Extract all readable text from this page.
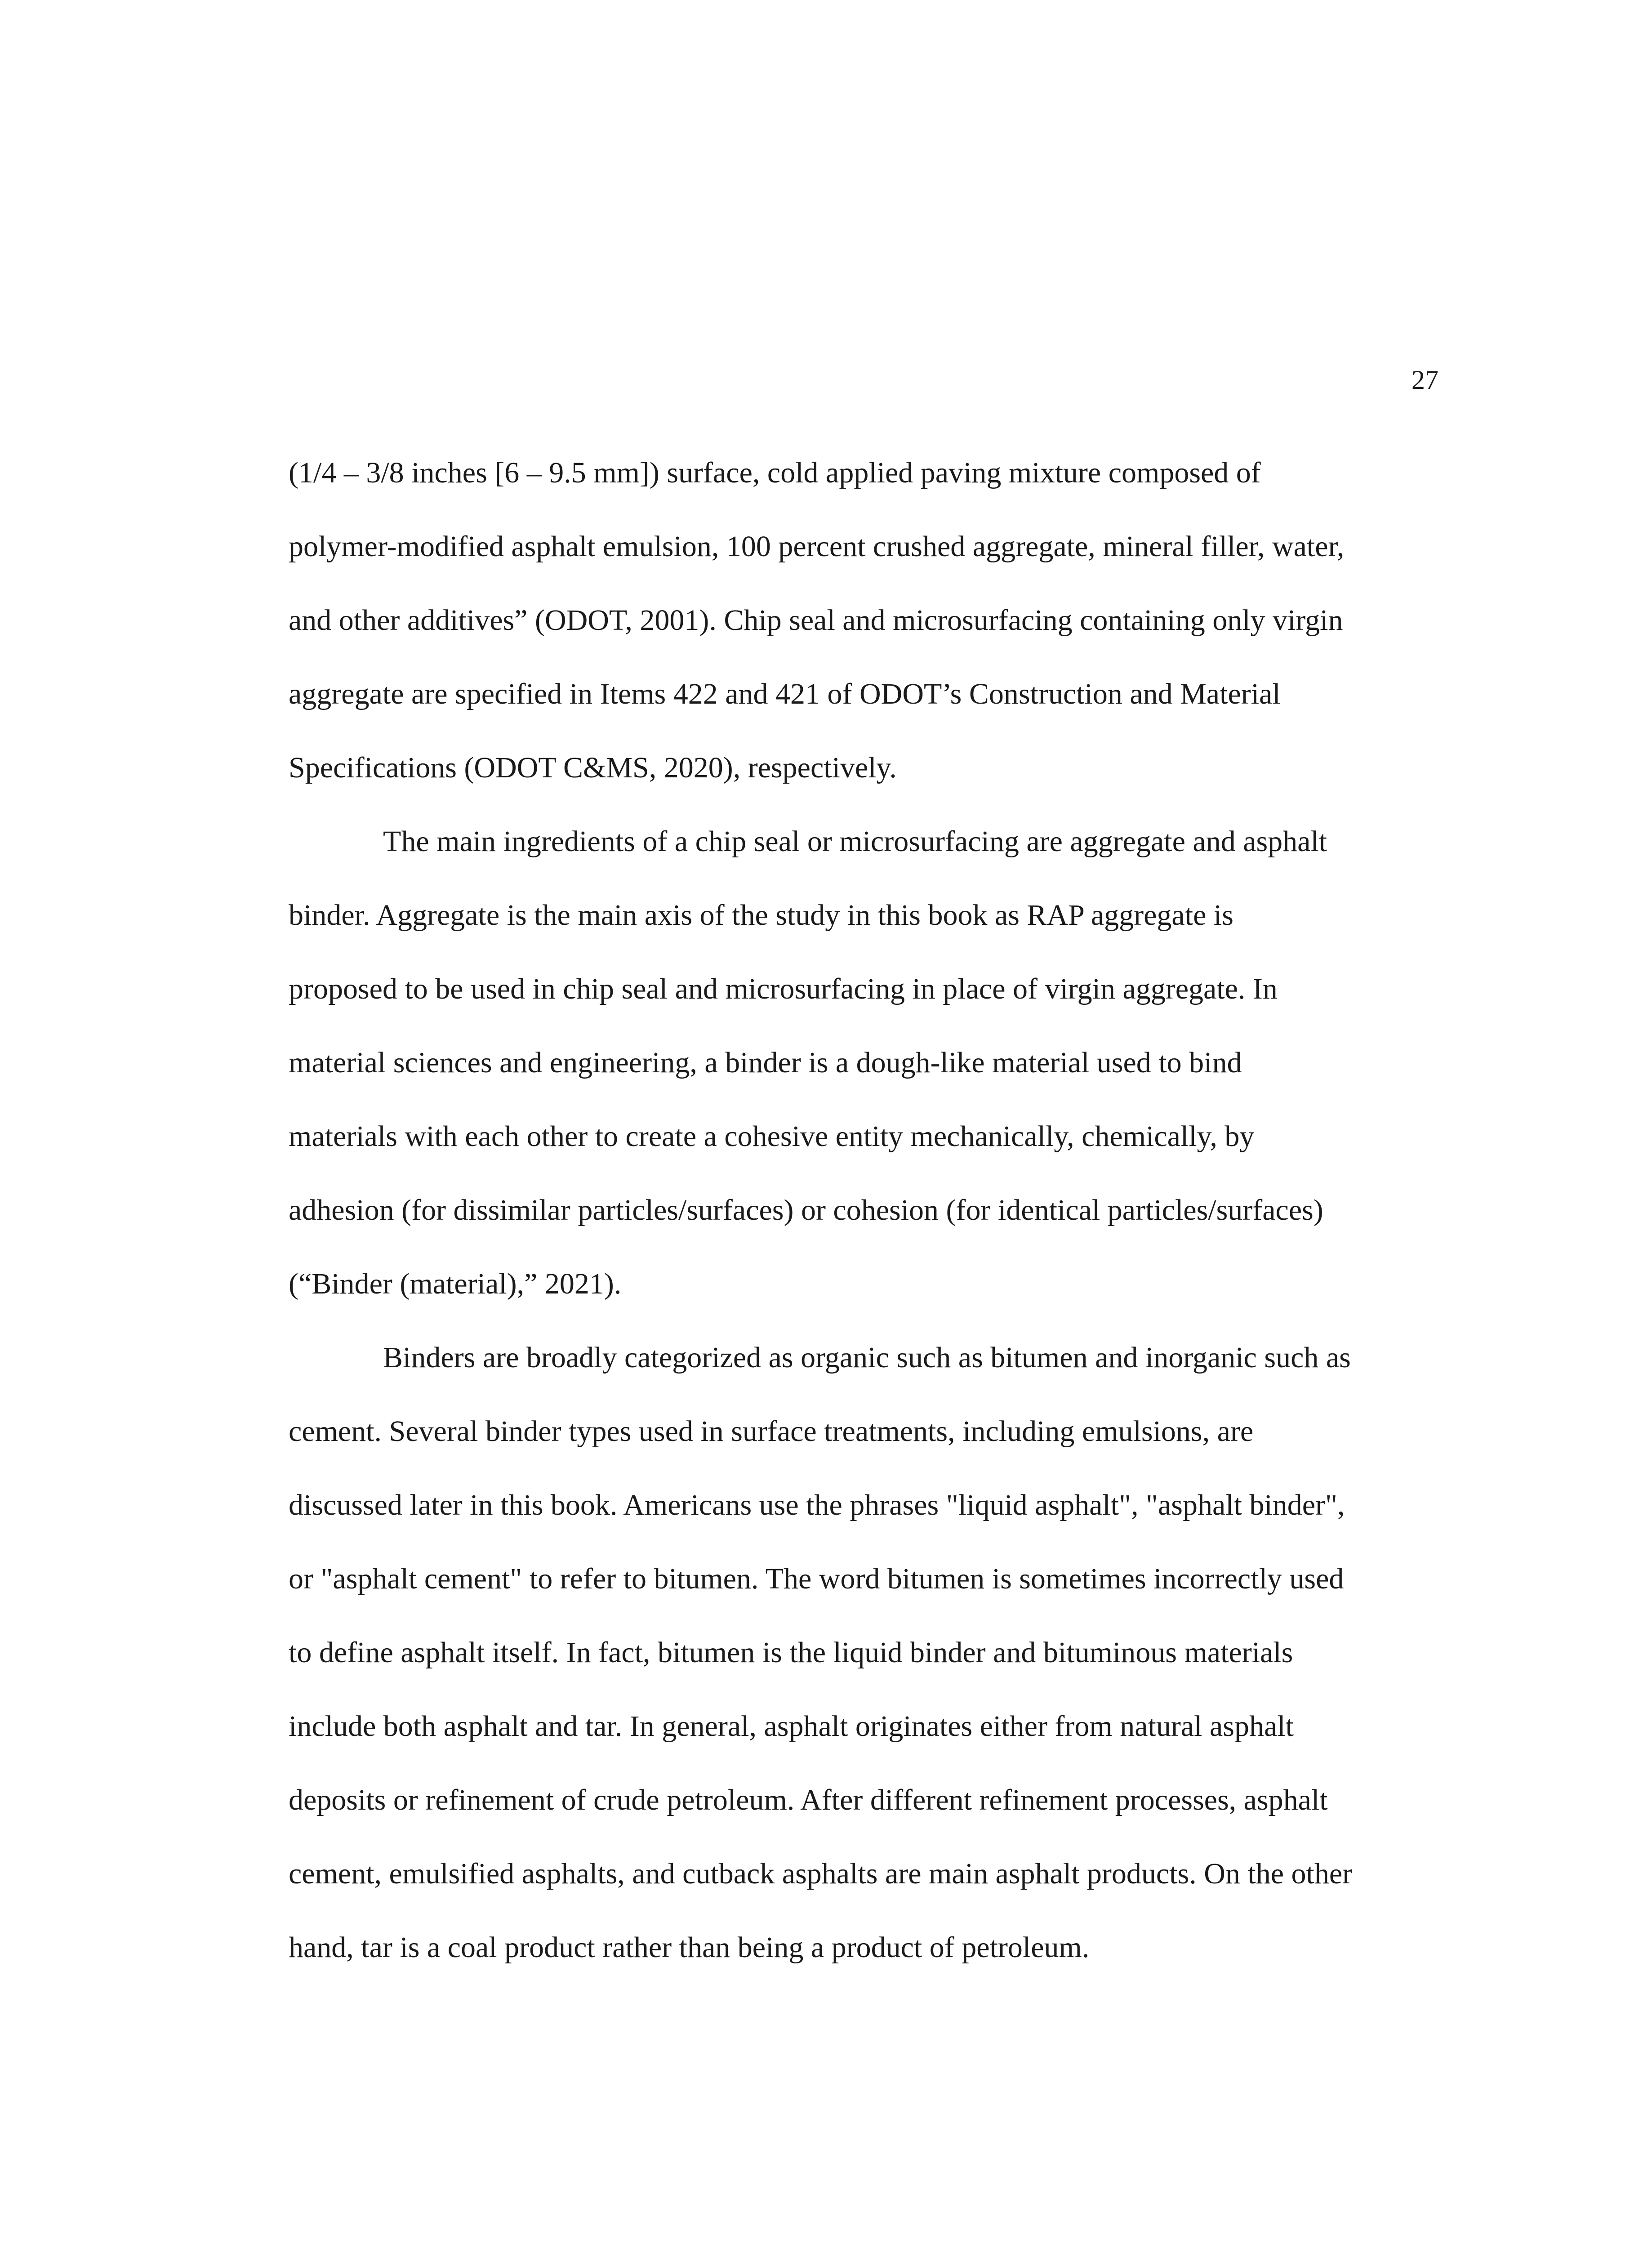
27
(1/4 – 3/8 inches [6 – 9.5 mm]) surface, cold applied paving mixture composed of
polymer-modified asphalt emulsion, 100 percent crushed aggregate, mineral filler, water,
and other additives” (ODOT, 2001). Chip seal and microsurfacing containing only virgin
aggregate are specified in Items 422 and 421 of ODOT’s Construction and Material
Specifications (ODOT C&MS, 2020), respectively.
The main ingredients of a chip seal or microsurfacing are aggregate and asphalt
binder. Aggregate is the main axis of the study in this book as RAP aggregate is
proposed to be used in chip seal and microsurfacing in place of virgin aggregate. In
material sciences and engineering, a binder is a dough-like material used to bind
materials with each other to create a cohesive entity mechanically, chemically, by
adhesion (for dissimilar particles/surfaces) or cohesion (for identical particles/surfaces)
(“Binder (material),” 2021).
Binders are broadly categorized as organic such as bitumen and inorganic such as
cement. Several binder types used in surface treatments, including emulsions, are
discussed later in this book. Americans use the phrases "liquid asphalt", "asphalt binder",
or "asphalt cement" to refer to bitumen. The word bitumen is sometimes incorrectly used
to define asphalt itself. In fact, bitumen is the liquid binder and bituminous materials
include both asphalt and tar. In general, asphalt originates either from natural asphalt
deposits or refinement of crude petroleum. After different refinement processes, asphalt
cement, emulsified asphalts, and cutback asphalts are main asphalt products. On the other
hand, tar is a coal product rather than being a product of petroleum.
